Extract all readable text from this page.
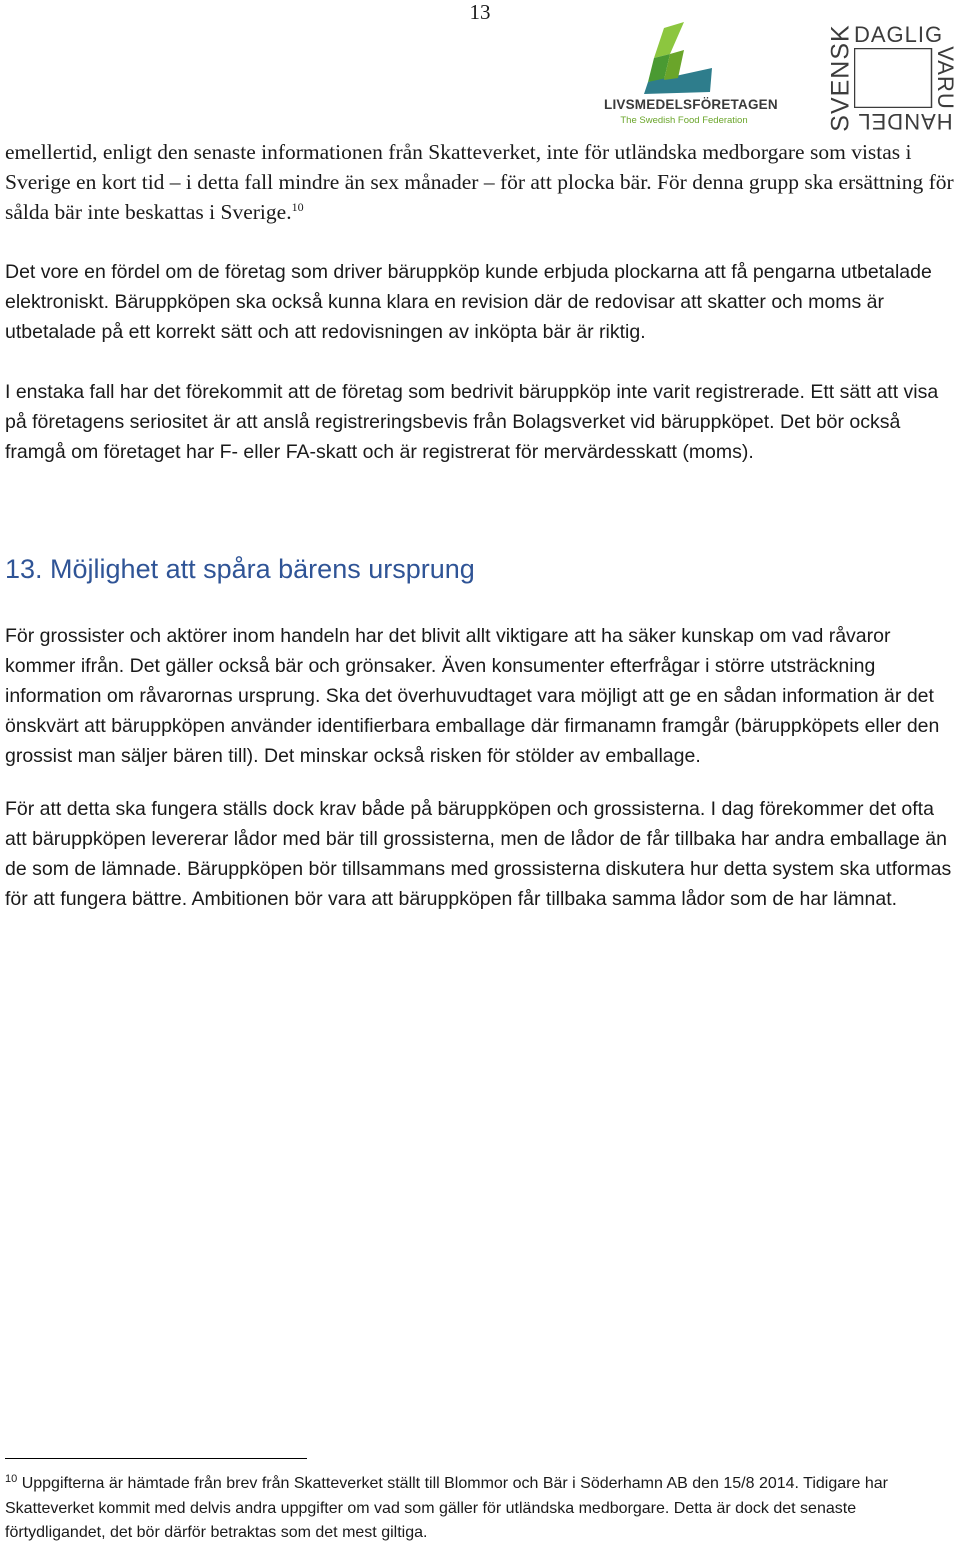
13
LIVSMEDELSFÖRETAGEN
The Swedish Food Federation	SVENSK DAGLIG
VARU
HANDEL

emellertid, enligt den senaste informationen från Skatteverket, inte för utländska medborgare som vistas i Sverige en kort tid – i detta fall mindre än sex månader – för att plocka bär. För denna grupp ska ersättning för sålda bär inte beskattas i Sverige.$^{10}$

Det vore en fördel om de företag som driver bäruppköp kunde erbjuda plockarna att få pengarna utbetalade elektroniskt. Bäruppköpen ska också kunna klara en revision där de redovisar att skatter och moms är utbetalade på ett korrekt sätt och att redovisningen av inköpta bär är riktig.

I enstaka fall har det förekommit att de företag som bedrivit bäruppköp inte varit registrerade. Ett sätt att visa på företagens seriositet är att anslå registreringsbevis från Bolagsverket vid bäruppköpet. Det bör också framgå om företaget har F- eller FA-skatt och är registrerat för mervärdesskatt (moms).

13. Möjlighet att spåra bärens ursprung

För grossister och aktörer inom handeln har det blivit allt viktigare att ha säker kunskap om vad råvaror kommer ifrån. Det gäller också bär och grönsaker. Även konsumenter efterfrågar i större utsträckning information om råvarornas ursprung. Ska det överhuvudtaget vara möjligt att ge en sådan information är det önskvärt att bäruppköpen använder identifierbara emballage där firmanamn framgår (bäruppköpets eller den grossist man säljer bären till). Det minskar också risken för stölder av emballage.

För att detta ska fungera ställs dock krav både på bäruppköpen och grossisterna. I dag förekommer det ofta att bäruppköpen levererar lådor med bär till grossisterna, men de lådor de får tillbaka har andra emballage än de som de lämnade. Bäruppköpen bör tillsammans med grossisterna diskutera hur detta system ska utformas för att fungera bättre. Ambitionen bör vara att bäruppköpen får tillbaka samma lådor som de har lämnat.

$^{10}$ Uppgifterna är hämtade från brev från Skatteverket ställt till Blommor och Bär i Söderhamn AB den 15/8 2014. Tidigare har Skatteverket kommit med delvis andra uppgifter om vad som gäller för utländska medborgare. Detta är dock det senaste förtydligandet, det bör därför betraktas som det mest giltiga.
